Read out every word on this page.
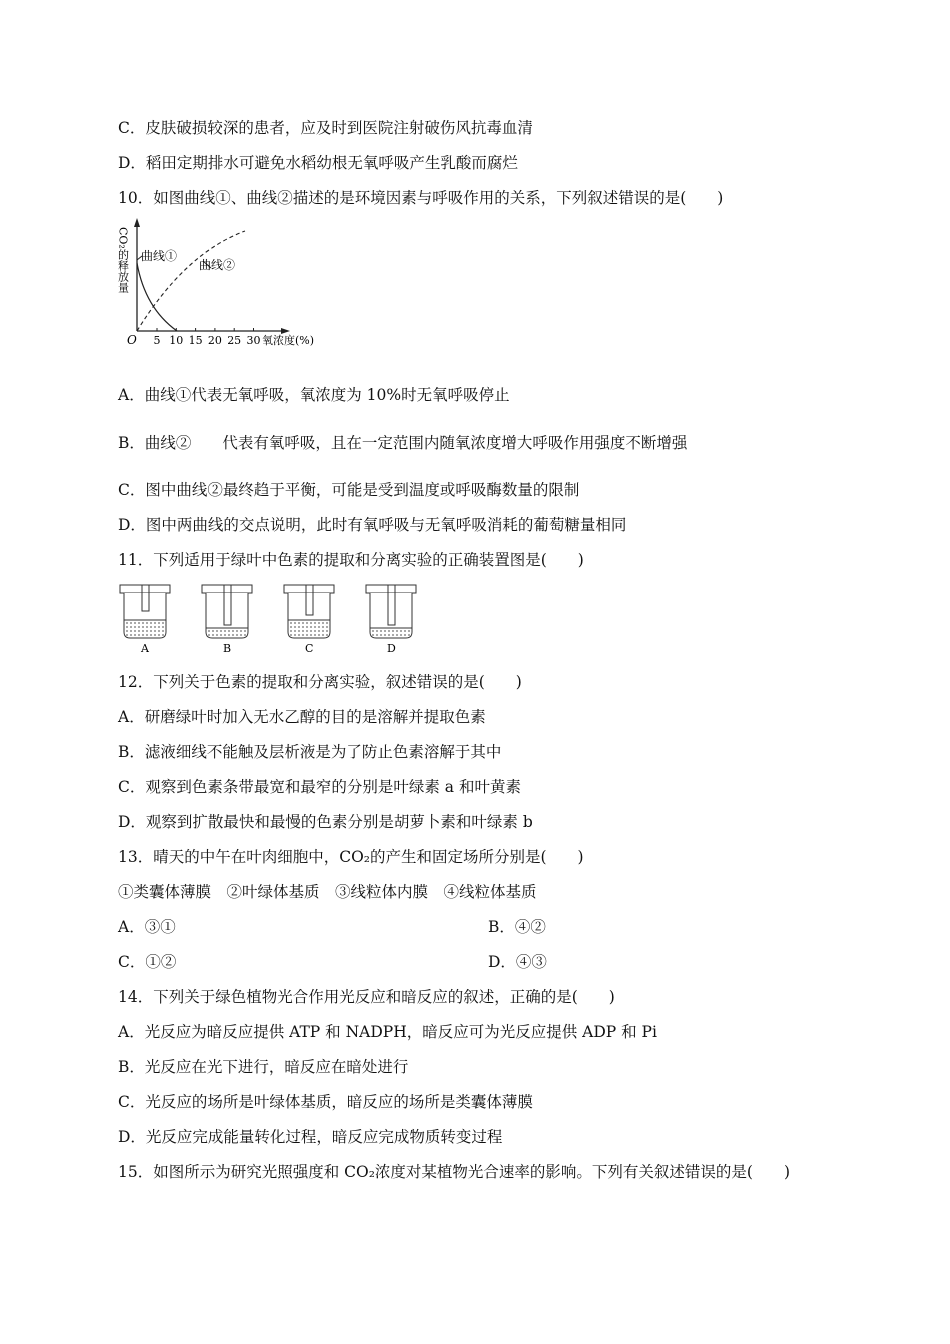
C．皮肤破损较深的患者，应及时到医院注射破伤风抗毒血清
D．稻田定期排水可避免水稻幼根无氧呼吸产生乳酸而腐烂
10．如图曲线①、曲线②描述的是环境因素与呼吸作用的关系，下列叙述错误的是(　　)
曲线①
曲线②
CO₂的释放量
O 5 10 15 20 25 30 氧浓度(%)
A．曲线①代表无氧呼吸，氧浓度为 10%时无氧呼吸停止
B．曲线②　　代表有氧呼吸，且在一定范围内随氧浓度增大呼吸作用强度不断增强
C．图中曲线②最终趋于平衡，可能是受到温度或呼吸酶数量的限制
D．图中两曲线的交点说明，此时有氧呼吸与无氧呼吸消耗的葡萄糖量相同
11．下列适用于绿叶中色素的提取和分离实验的正确装置图是(　　)
A	B	C	D
12．下列关于色素的提取和分离实验，叙述错误的是(　　)
A．研磨绿叶时加入无水乙醇的目的是溶解并提取色素
B．滤液细线不能触及层析液是为了防止色素溶解于其中
C．观察到色素条带最宽和最窄的分别是叶绿素 a 和叶黄素
D．观察到扩散最快和最慢的色素分别是胡萝卜素和叶绿素 b
13．晴天的中午在叶肉细胞中，CO₂的产生和固定场所分别是(　　)
①类囊体薄膜　②叶绿体基质　③线粒体内膜　④线粒体基质
A．③①	B．④②
C．①②	D．④③
14．下列关于绿色植物光合作用光反应和暗反应的叙述，正确的是(　　)
A．光反应为暗反应提供 ATP 和 NADPH，暗反应可为光反应提供 ADP 和 Pi
B．光反应在光下进行，暗反应在暗处进行
C．光反应的场所是叶绿体基质，暗反应的场所是类囊体薄膜
D．光反应完成能量转化过程，暗反应完成物质转变过程
15．如图所示为研究光照强度和 CO₂浓度对某植物光合速率的影响。下列有关叙述错误的是(　　)
